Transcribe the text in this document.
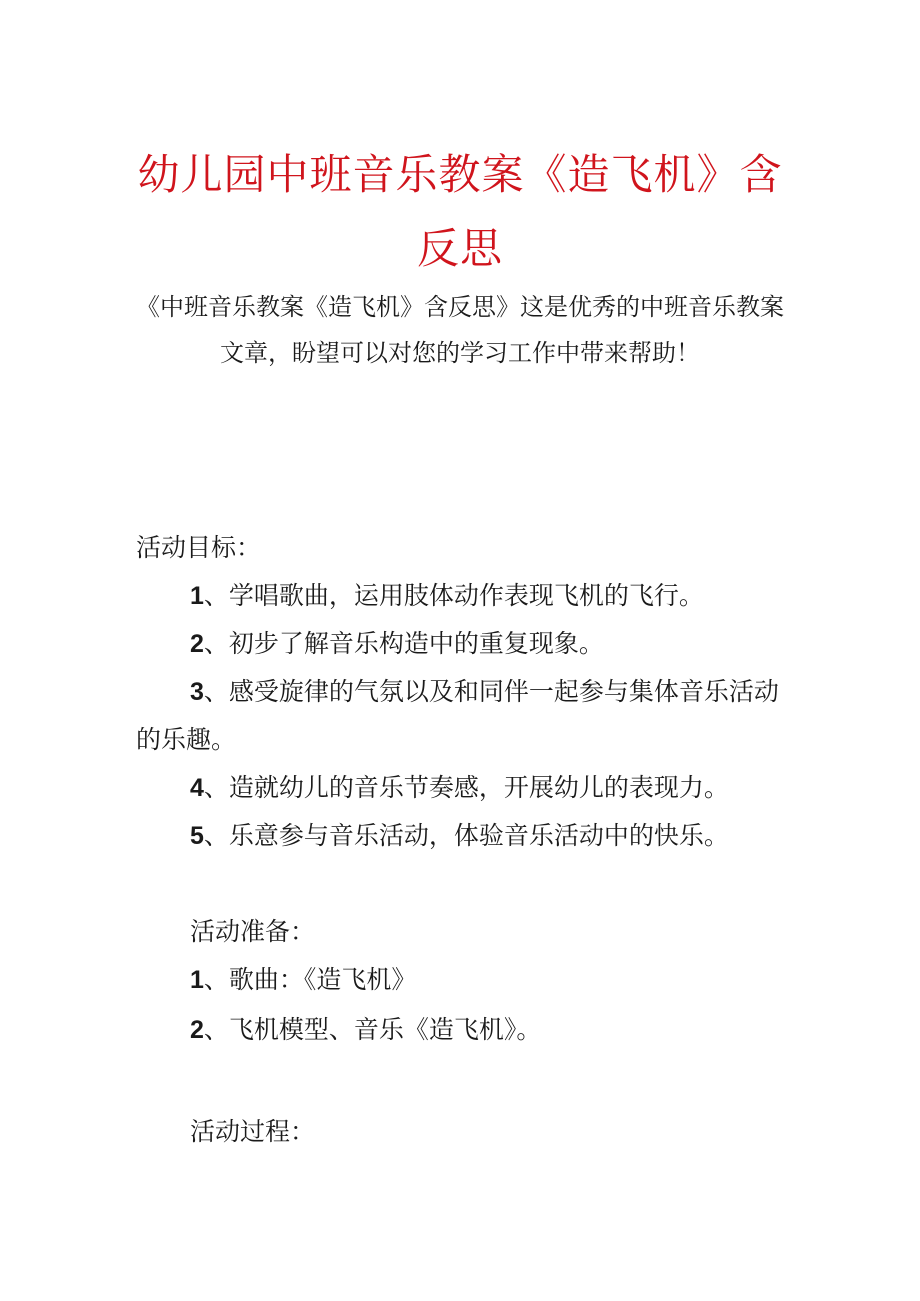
幼儿园中班音乐教案《造飞机》含反思
《中班音乐教案《造飞机》含反思》这是优秀的中班音乐教案文章，盼望可以对您的学习工作中带来帮助！
活动目标：
1、学唱歌曲，运用肢体动作表现飞机的飞行。
2、初步了解音乐构造中的重复现象。
3、感受旋律的气氛以及和同伴一起参与集体音乐活动的乐趣。
4、造就幼儿的音乐节奏感，开展幼儿的表现力。
5、乐意参与音乐活动，体验音乐活动中的快乐。
活动准备：
1、歌曲：《造飞机》
2、飞机模型、音乐《造飞机》。
活动过程：
